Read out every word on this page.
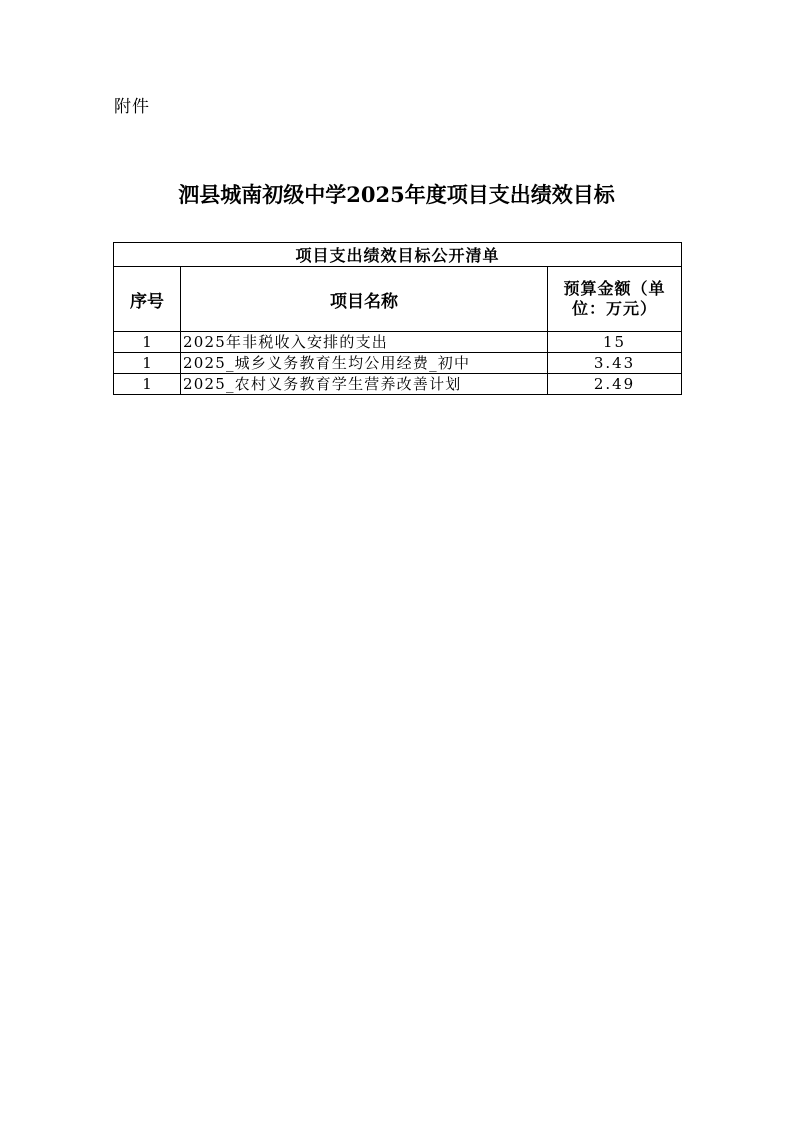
附件
泗县城南初级中学2025年度项目支出绩效目标
项目支出绩效目标公开清单		
序号	项目名称	预算金额（单位：万元）
1	2025年非税收入安排的支出	15
1	2025_城乡义务教育生均公用经费_初中	3.43
1	2025_农村义务教育学生营养改善计划	2.49
